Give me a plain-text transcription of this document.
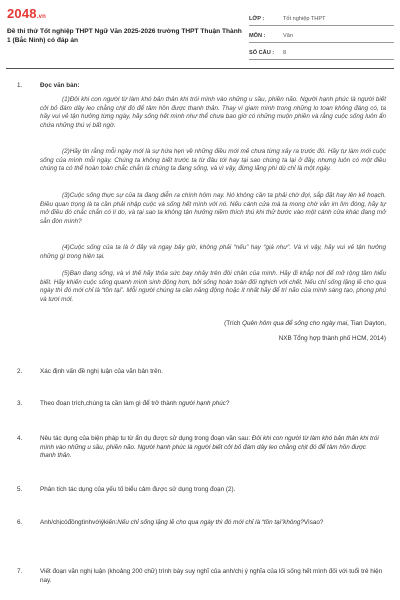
2048.vn
Đề thi thử Tốt nghiệp THPT Ngữ Văn 2025-2026 trường THPT Thuận Thành 1 (Bắc Ninh) có đáp án
LỚP :	Tốt nghiệp THPT
MÔN :	Văn
SỐ CÂU :	8
1.	Đọc văn bản:
(1)Đôi khi con người từ làm khó bản thân khi trói mình vào những u sầu, phiền não. Người hạnh phúc là người biết cởi bỏ đám dây leo chằng chịt đó để tâm hồn được thanh thản. Thay vì giam mình trong những lo toan không đáng có, ta hãy vui vẻ tận hưởng từng ngày, hãy sống hết mình như thể chưa bao giờ có những muộn phiền và rằng cuộc sống luôn ẩn chứa những thú vị bất ngờ.
(2)Hãy tin rằng mỗi ngày mới là sự hứa hẹn về những điều mới mẻ chưa từng xảy ra trước đó. Hãy tự làm mới cuộc sống của mình mỗi ngày. Chúng ta không biết trước ta từ đâu tới hay tại sao chúng ta lại ở đây, nhưng luôn có một điều chúng ta có thể hoàn toàn chắc chắn là chúng ta đang sống, và vì vậy, đừng lãng phí dù chỉ là một ngày.
(3)Cuộc sống thực sự của ta đang diễn ra chính hôm nay. Nó không cần ta phải chờ đợi, sắp đặt hay lên kế hoạch. Điều quan trọng là ta cần phải nhập cuộc và sống hết mình với nó. Nếu cánh cửa mà ta mong chờ vẫn im lìm đóng, hãy tự mở điều đó chắc chắn có lí do, và tại sao ta không tận hưởng niềm thích thú khi thử bước vào một cánh cửa khác đang mở sẵn đón mình?
(4)Cuộc sống của ta là ở đây và ngay bây giờ, không phải “nếu” hay “giá như”. Và vì vậy, hãy vui vẻ tận hưởng những gì trong hiện tại.
(5)Bạn đang sống, và vì thế hãy thỏa sức bay nhảy trên đôi chân của mình. Hãy đi khắp nơi để mở rộng tầm hiểu biết. Hãy khiến cuộc sống quanh mình sinh động hơn, bởi sống hoàn toàn đối nghịch với chết. Nếu chỉ sống lặng lẽ cho qua ngày thì đó mới chỉ là “tồn tại”. Mỗi người chúng ta cần năng động hoặc ít nhất hãy để trí não của mình sáng tạo, phong phú và tươi mới.
(Trích Quên hôm qua để sống cho ngày mai, Tian Dayton,
NXB Tổng hợp thành phố HCM, 2014)
2.	Xác định vấn đề nghị luận của văn bản trên.
3.	Theo đoạn trích,chúng ta cần làm gì để trở thành người hạnh phúc?
4.	Nêu tác dụng của biện pháp tu từ ẩn dụ được sử dụng trong đoạn văn sau: Đôi khi con người từ làm khó bản thân khi trói mình vào những u sầu, phiền não. Người hạnh phúc là người biết cởi bỏ đám dây leo chằng chịt đó để tâm hồn được thanh thản.
5.	Phân tích tác dụng của yếu tố biểu cảm được sử dụng trong đoạn (2).
6.	Anh/chịcóđồngtìnhvớiýkiến:Nếu chỉ sống lặng lẽ cho qua ngày thì đó mới chỉ là “tồn tại”không?Vìsao?
7.	Viết đoạn văn nghị luận (khoảng 200 chữ) trình bày suy nghĩ của anh/chị ý nghĩa của lối sống hết mình đối với tuổi trẻ hiện nay.
